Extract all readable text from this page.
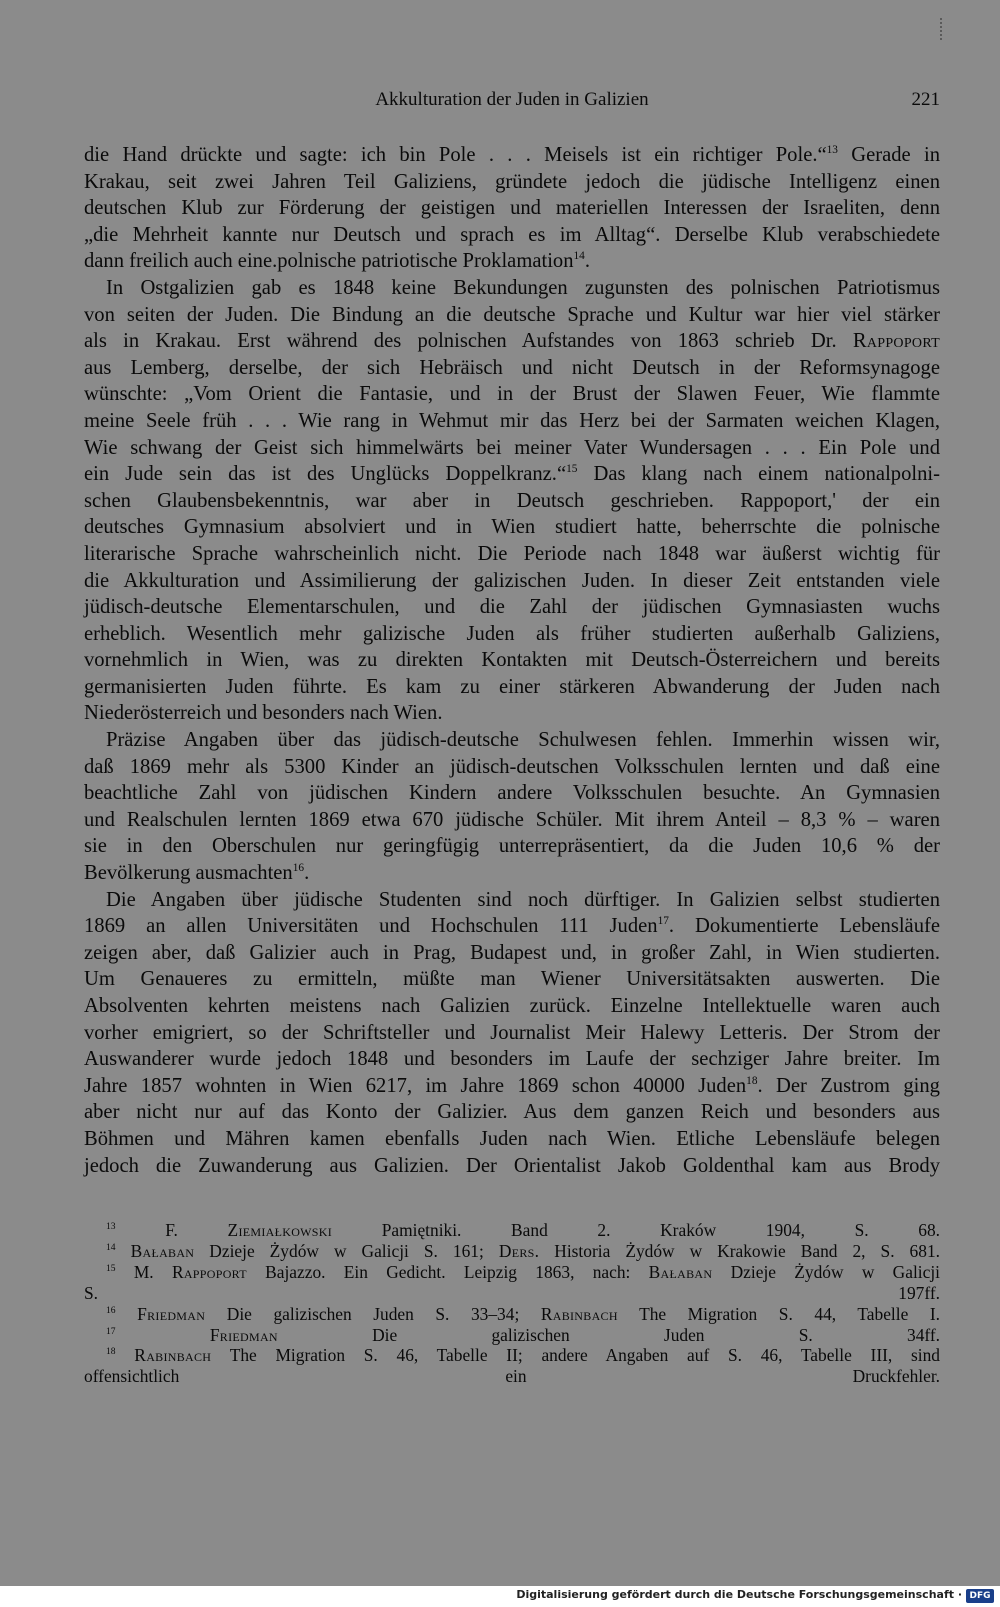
Akkulturation der Juden in Galizien	221
die Hand drückte und sagte: ich bin Pole . . . Meisels ist ein richtiger Pole.“$^{13}$ Gerade in
Krakau, seit zwei Jahren Teil Galiziens, gründete jedoch die jüdische Intelligenz einen
deutschen Klub zur Förderung der geistigen und materiellen Interessen der Israeliten, denn
„die Mehrheit kannte nur Deutsch und sprach es im Alltag“. Derselbe Klub verabschiedete
dann freilich auch eine.polnische patriotische Proklamation$^{14}$.
In Ostgalizien gab es 1848 keine Bekundungen zugunsten des polnischen Patriotismus
von seiten der Juden. Die Bindung an die deutsche Sprache und Kultur war hier viel stärker
als in Krakau. Erst während des polnischen Aufstandes von 1863 schrieb Dr. Rappoport
aus Lemberg, derselbe, der sich Hebräisch und nicht Deutsch in der Reformsynagoge
wünschte: „Vom Orient die Fantasie, und in der Brust der Slawen Feuer, Wie flammte
meine Seele früh . . . Wie rang in Wehmut mir das Herz bei der Sarmaten weichen Klagen,
Wie schwang der Geist sich himmelwärts bei meiner Vater Wundersagen . . . Ein Pole und
ein Jude sein das ist des Unglücks Doppelkranz.“$^{15}$ Das klang nach einem nationalpolni-
schen Glaubensbekenntnis, war aber in Deutsch geschrieben. Rappoport,' der ein
deutsches Gymnasium absolviert und in Wien studiert hatte, beherrschte die polnische
literarische Sprache wahrscheinlich nicht. Die Periode nach 1848 war äußerst wichtig für
die Akkulturation und Assimilierung der galizischen Juden. In dieser Zeit entstanden viele
jüdisch-deutsche Elementarschulen, und die Zahl der jüdischen Gymnasiasten wuchs
erheblich. Wesentlich mehr galizische Juden als früher studierten außerhalb Galiziens,
vornehmlich in Wien, was zu direkten Kontakten mit Deutsch-Österreichern und bereits
germanisierten Juden führte. Es kam zu einer stärkeren Abwanderung der Juden nach
Niederösterreich und besonders nach Wien.
Präzise Angaben über das jüdisch-deutsche Schulwesen fehlen. Immerhin wissen wir,
daß 1869 mehr als 5300 Kinder an jüdisch-deutschen Volksschulen lernten und daß eine
beachtliche Zahl von jüdischen Kindern andere Volksschulen besuchte. An Gymnasien
und Realschulen lernten 1869 etwa 670 jüdische Schüler. Mit ihrem Anteil – 8,3 % – waren
sie in den Oberschulen nur geringfügig unterrepräsentiert, da die Juden 10,6 % der
Bevölkerung ausmachten$^{16}$.
Die Angaben über jüdische Studenten sind noch dürftiger. In Galizien selbst studierten
1869 an allen Universitäten und Hochschulen 111 Juden$^{17}$. Dokumentierte Lebensläufe
zeigen aber, daß Galizier auch in Prag, Budapest und, in großer Zahl, in Wien studierten.
Um Genaueres zu ermitteln, müßte man Wiener Universitätsakten auswerten. Die
Absolventen kehrten meistens nach Galizien zurück. Einzelne Intellektuelle waren auch
vorher emigriert, so der Schriftsteller und Journalist Meir Halewy Letteris. Der Strom der
Auswanderer wurde jedoch 1848 und besonders im Laufe der sechziger Jahre breiter. Im
Jahre 1857 wohnten in Wien 6217, im Jahre 1869 schon 40000 Juden$^{18}$. Der Zustrom ging
aber nicht nur auf das Konto der Galizier. Aus dem ganzen Reich und besonders aus
Böhmen und Mähren kamen ebenfalls Juden nach Wien. Etliche Lebensläufe belegen
jedoch die Zuwanderung aus Galizien. Der Orientalist Jakob Goldenthal kam aus Brody
$^{13}$	F. Ziemiałkowski Pamiętniki. Band 2. Kraków 1904, S. 68.
$^{14}$ Bałaban Dzieje Żydów w Galicji S. 161; Ders. Historia Żydów w Krakowie Band 2, S. 681.
$^{15}$ M. Rappoport Bajazzo. Ein Gedicht. Leipzig 1863, nach: Bałaban Dzieje Żydów w Galicji
S. 197ff.
$^{16}$ Friedman Die galizischen Juden S. 33–34; Rabinbach The Migration S. 44, Tabelle I.
$^{17}$	Friedman Die galizischen Juden S. 34ff.
$^{18}$ Rabinbach The Migration S. 46, Tabelle II; andere Angaben auf S. 46, Tabelle III, sind
offensichtlich ein Druckfehler.
Digitalisierung gefördert durch die Deutsche Forschungsgemeinschaft · DFG
